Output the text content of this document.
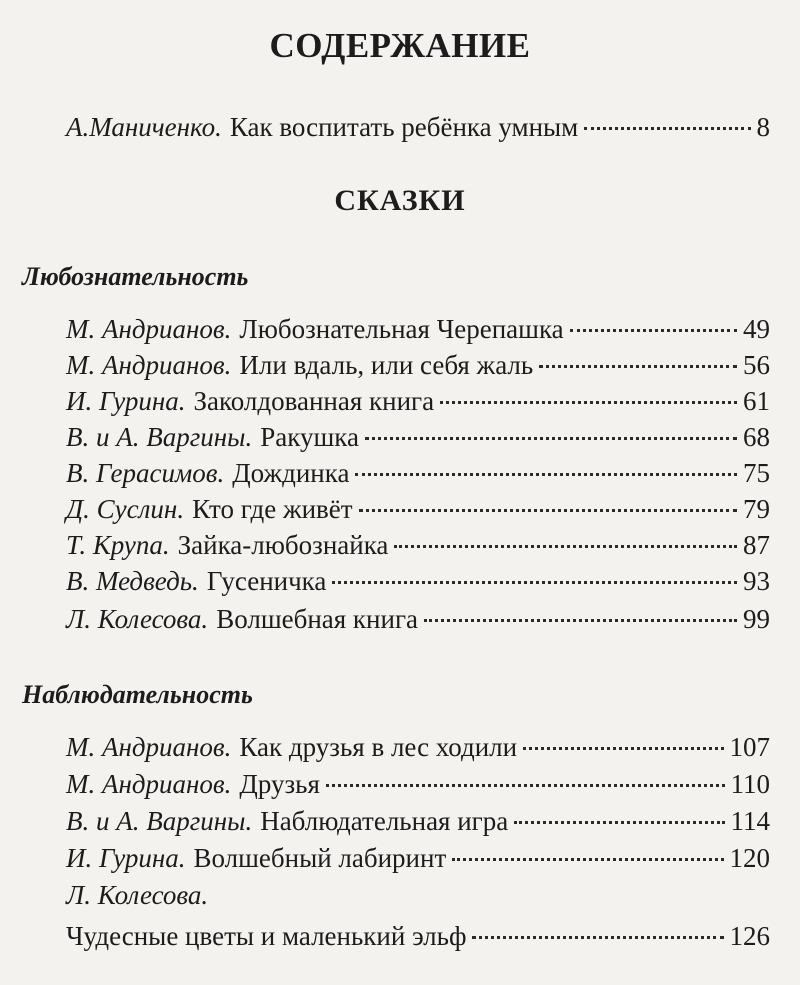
СОДЕРЖАНИЕ
А.Маниченко. Как воспитать ребёнка умным	8
СКАЗКИ
Любознательность
М. Андрианов. Любознательная Черепашка	49
М. Андрианов. Или вдаль, или себя жаль	56
И. Гурина. Заколдованная книга	61
В. и А. Варгины. Ракушка	68
В. Герасимов. Дождинка	75
Д. Суслин. Кто где живёт	79
Т. Крупа. Зайка-любознайка	87
В. Медведь. Гусеничка	93
Л. Колесова. Волшебная книга	99
Наблюдательность
М. Андрианов. Как друзья в лес ходили	107
М. Андрианов. Друзья	110
В. и А. Варгины. Наблюдательная игра	114
И. Гурина. Волшебный лабиринт	120
Л. Колесова.
Чудесные цветы и маленький эльф	126
